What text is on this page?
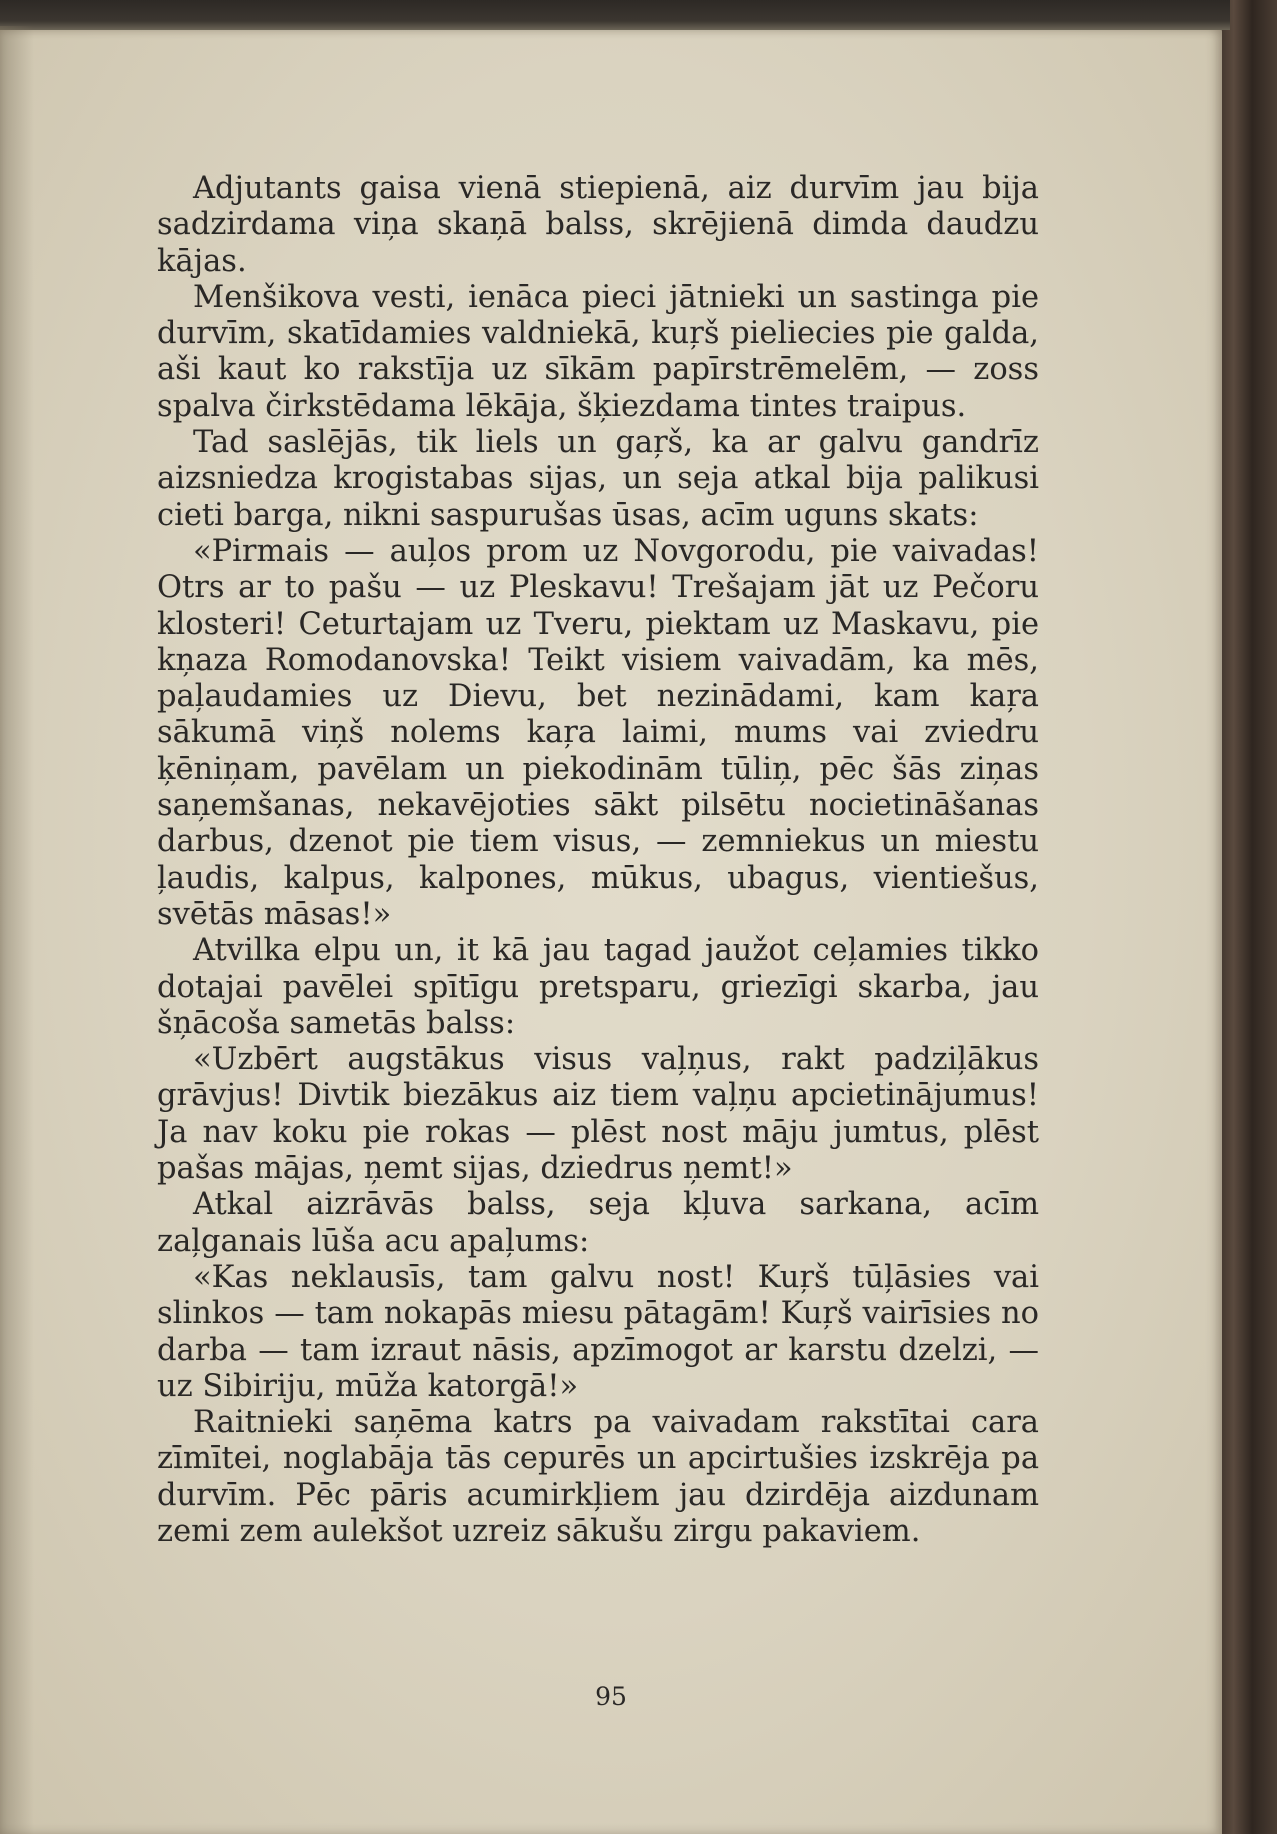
Adjutants gaisa vienā stiepienā, aiz durvīm jau bija sadzirdama viņa skaņā balss, skrējienā dimda daudzu kājas.

Menšikova vesti, ienāca pieci jātnieki un sastinga pie durvīm, skatīdamies valdniekā, kuŗš pieliecies pie galda, aši kaut ko rakstīja uz sīkām papīrstrēmelēm, — zoss spalva čirkstēdama lēkāja, šķiezdama tintes traipus.

Tad saslējās, tik liels un gaŗš, ka ar galvu gandrīz aizsniedza krogistabas sijas, un seja atkal bija palikusi cieti barga, nikni saspurušas ūsas, acīm uguns skats:

«Pirmais — auļos prom uz Novgorodu, pie vaivadas! Otrs ar to pašu — uz Pleskavu! Trešajam jāt uz Pečoru klosteri! Ceturtajam uz Tveru, piektam uz Maskavu, pie kņaza Romodanovska! Teikt visiem vaivadām, ka mēs, paļaudamies uz Dievu, bet nezinādami, kam kaŗa sākumā viņš nolems kaŗa laimi, mums vai zviedru ķēniņam, pavēlam un piekodinām tūliņ, pēc šās ziņas saņemšanas, nekavējoties sākt pilsētu nocietināšanas darbus, dzenot pie tiem visus, — zemniekus un miestu ļaudis, kalpus, kalpones, mūkus, ubagus, vientiešus, svētās māsas!»

Atvilka elpu un, it kā jau tagad jaužot ceļamies tikko dotajai pavēlei spītīgu pretsparu, griezīgi skarba, jau šņācoša sametās balss:

«Uzbērt augstākus visus vaļņus, rakt padziļākus grāvjus! Divtik biezākus aiz tiem vaļņu apcietinājumus! Ja nav koku pie rokas — plēst nost māju jumtus, plēst pašas mājas, ņemt sijas, dziedrus ņemt!»

Atkal aizrāvās balss, seja kļuva sarkana, acīm zaļganais lūša acu apaļums:

«Kas neklausīs, tam galvu nost! Kuŗš tūļāsies vai slinkos — tam nokapās miesu pātagām! Kuŗš vairīsies no darba — tam izraut nāsis, apzīmogot ar karstu dzelzi, — uz Sibiriju, mūža katorgā!»

Raitnieki saņēma katrs pa vaivadam rakstītai cara zīmītei, noglabāja tās cepurēs un apcirtušies izskrēja pa durvīm. Pēc pāris acumirkļiem jau dzirdēja aizdunam zemi zem aulekšot uzreiz sākušu zirgu pakaviem.

95
